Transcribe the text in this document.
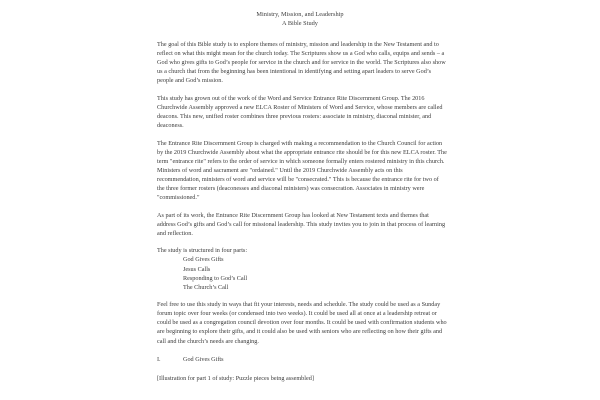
Ministry, Mission, and Leadership
A Bible Study

The goal of this Bible study is to explore themes of ministry, mission and leadership in the New Testament and to reflect on what this might mean for the church today. The Scriptures show us a God who calls, equips and sends – a God who gives gifts to God’s people for service in the church and for service in the world. The Scriptures also show us a church that from the beginning has been intentional in identifying and setting apart leaders to serve God’s people and God’s mission.

This study has grown out of the work of the Word and Service Entrance Rite Discernment Group. The 2016 Churchwide Assembly approved a new ELCA Roster of Ministers of Word and Service, whose members are called deacons. This new, unified roster combines three previous rosters: associate in ministry, diaconal minister, and deaconess.

The Entrance Rite Discernment Group is charged with making a recommendation to the Church Council for action by the 2019 Churchwide Assembly about what the appropriate entrance rite should be for this new ELCA roster. The term "entrance rite" refers to the order of service in which someone formally enters rostered ministry in this church. Ministers of word and sacrament are "ordained." Until the 2019 Churchwide Assembly acts on this recommendation, ministers of word and service will be "consecrated." This is because the entrance rite for two of the three former rosters (deaconesses and diaconal ministers) was consecration. Associates in ministry were "commissioned."

As part of its work, the Entrance Rite Discernment Group has looked at New Testament texts and themes that address God’s gifts and God’s call for missional leadership. This study invites you to join in that process of learning and reflection.

The study is structured in four parts:

God Gives Gifts
Jesus Calls
Responding to God’s Call
The Church’s Call

Feel free to use this study in ways that fit your interests, needs and schedule. The study could be used as a Sunday forum topic over four weeks (or condensed into two weeks). It could be used all at once at a leadership retreat or could be used as a congregation council devotion over four months. It could be used with confirmation students who are beginning to explore their gifts, and it could also be used with seniors who are reflecting on how their gifts and call and the church’s needs are changing.

I.	God Gives Gifts

[Illustration for part 1 of study: Puzzle pieces being assembled]
